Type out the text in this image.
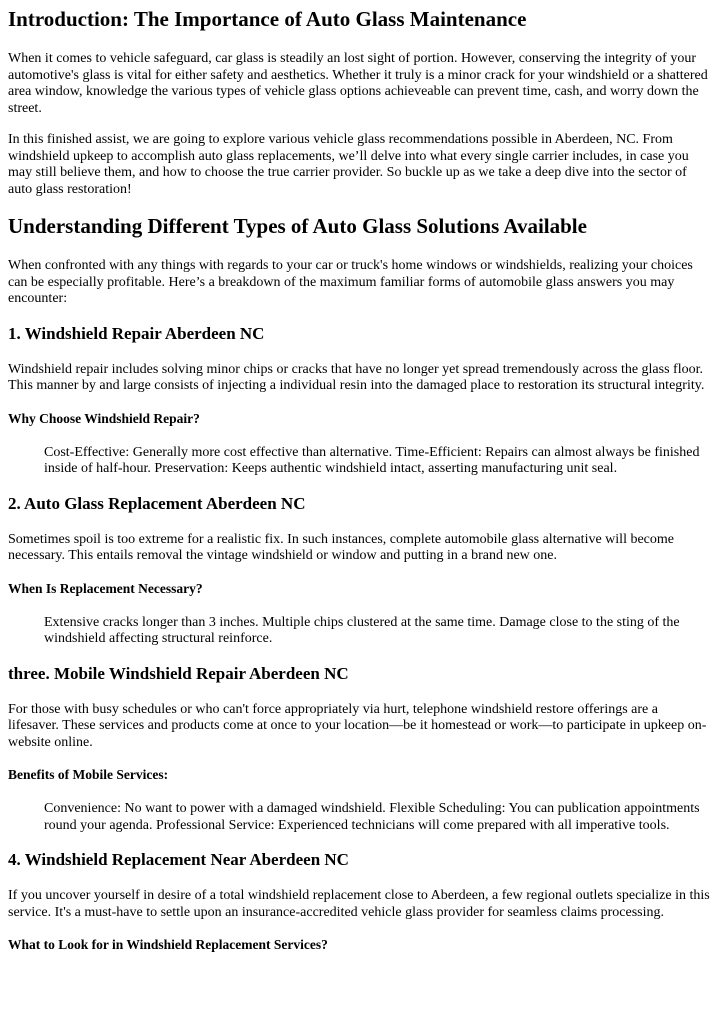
Introduction: The Importance of Auto Glass Maintenance

When it comes to vehicle safeguard, car glass is steadily an lost sight of portion. However, conserving the integrity of your automotive's glass is vital for either safety and aesthetics. Whether it truly is a minor crack for your windshield or a shattered area window, knowledge the various types of vehicle glass options achieveable can prevent time, cash, and worry down the street.

In this finished assist, we are going to explore various vehicle glass recommendations possible in Aberdeen, NC. From windshield upkeep to accomplish auto glass replacements, we’ll delve into what every single carrier includes, in case you may still believe them, and how to choose the true carrier provider. So buckle up as we take a deep dive into the sector of auto glass restoration!

Understanding Different Types of Auto Glass Solutions Available

When confronted with any things with regards to your car or truck's home windows or windshields, realizing your choices can be especially profitable. Here’s a breakdown of the maximum familiar forms of automobile glass answers you may encounter:

1. Windshield Repair Aberdeen NC

Windshield repair includes solving minor chips or cracks that have no longer yet spread tremendously across the glass floor. This manner by and large consists of injecting a individual resin into the damaged place to restoration its structural integrity.

Why Choose Windshield Repair?
Cost-Effective: Generally more cost effective than alternative. Time-Efficient: Repairs can almost always be finished inside of half-hour. Preservation: Keeps authentic windshield intact, asserting manufacturing unit seal.
2. Auto Glass Replacement Aberdeen NC

Sometimes spoil is too extreme for a realistic fix. In such instances, complete automobile glass alternative will become necessary. This entails removal the vintage windshield or window and putting in a brand new one.

When Is Replacement Necessary?
Extensive cracks longer than 3 inches. Multiple chips clustered at the same time. Damage close to the sting of the windshield affecting structural reinforce.
three. Mobile Windshield Repair Aberdeen NC

For those with busy schedules or who can't force appropriately via hurt, telephone windshield restore offerings are a lifesaver. These services and products come at once to your location—be it homestead or work—to participate in upkeep on-website online.

Benefits of Mobile Services:
Convenience: No want to power with a damaged windshield. Flexible Scheduling: You can publication appointments round your agenda. Professional Service: Experienced technicians will come prepared with all imperative tools.
4. Windshield Replacement Near Aberdeen NC

If you uncover yourself in desire of a total windshield replacement close to Aberdeen, a few regional outlets specialize in this service. It's a must-have to settle upon an insurance-accredited vehicle glass provider for seamless claims processing.

What to Look for in Windshield Replacement Services?
